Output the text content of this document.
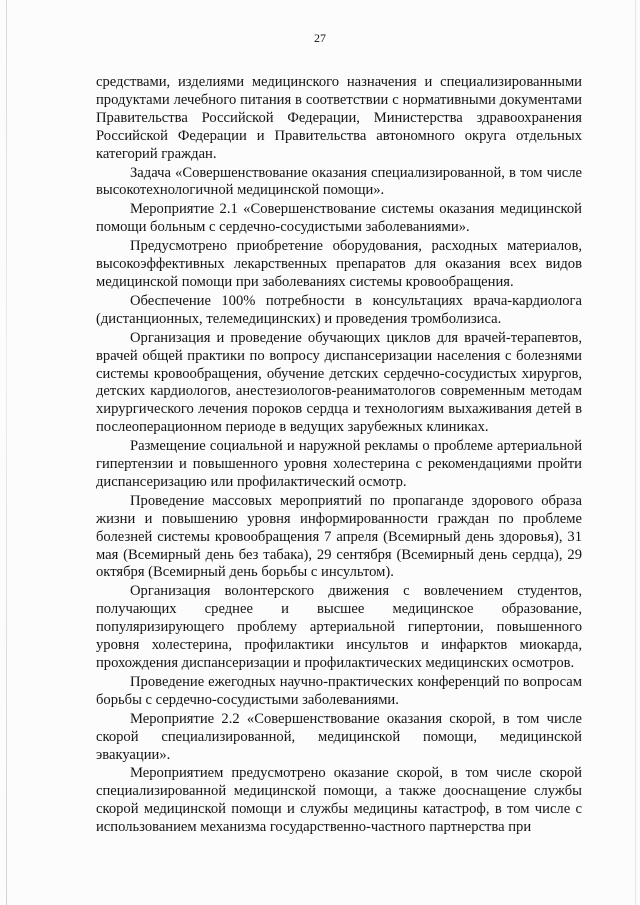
27

средствами, изделиями медицинского назначения и специализированными продуктами лечебного питания в соответствии с нормативными документами Правительства Российской Федерации, Министерства здравоохранения Российской Федерации и Правительства автономного округа отдельных категорий граждан.

Задача «Совершенствование оказания специализированной, в том числе высокотехнологичной медицинской помощи».

Мероприятие 2.1 «Совершенствование системы оказания медицинской помощи больным с сердечно-сосудистыми заболеваниями».

Предусмотрено приобретение оборудования, расходных материалов, высокоэффективных лекарственных препаратов для оказания всех видов медицинской помощи при заболеваниях системы кровообращения.

Обеспечение 100% потребности в консультациях врача-кардиолога (дистанционных, телемедицинских) и проведения тромболизиса.

Организация и проведение обучающих циклов для врачей-терапевтов, врачей общей практики по вопросу диспансеризации населения с болезнями системы кровообращения, обучение детских сердечно-сосудистых хирургов, детских кардиологов, анестезиологов-реаниматологов современным методам хирургического лечения пороков сердца и технологиям выхаживания детей в послеоперационном периоде в ведущих зарубежных клиниках.

Размещение социальной и наружной рекламы о проблеме артериальной гипертензии и повышенного уровня холестерина с рекомендациями пройти диспансеризацию или профилактический осмотр.

Проведение массовых мероприятий по пропаганде здорового образа жизни и повышению уровня информированности граждан по проблеме болезней системы кровообращения 7 апреля (Всемирный день здоровья), 31 мая (Всемирный день без табака), 29 сентября (Всемирный день сердца), 29 октября (Всемирный день борьбы с инсультом).

Организация волонтерского движения с вовлечением студентов, получающих среднее и высшее медицинское образование, популяризирующего проблему артериальной гипертонии, повышенного уровня холестерина, профилактики инсультов и инфарктов миокарда, прохождения диспансеризации и профилактических медицинских осмотров.

Проведение ежегодных научно-практических конференций по вопросам борьбы с сердечно-сосудистыми заболеваниями.

Мероприятие 2.2 «Совершенствование оказания скорой, в том числе скорой специализированной, медицинской помощи, медицинской эвакуации».

Мероприятием предусмотрено оказание скорой, в том числе скорой специализированной медицинской помощи, а также дооснащение службы скорой медицинской помощи и службы медицины катастроф, в том числе с использованием механизма государственно-частного партнерства при
